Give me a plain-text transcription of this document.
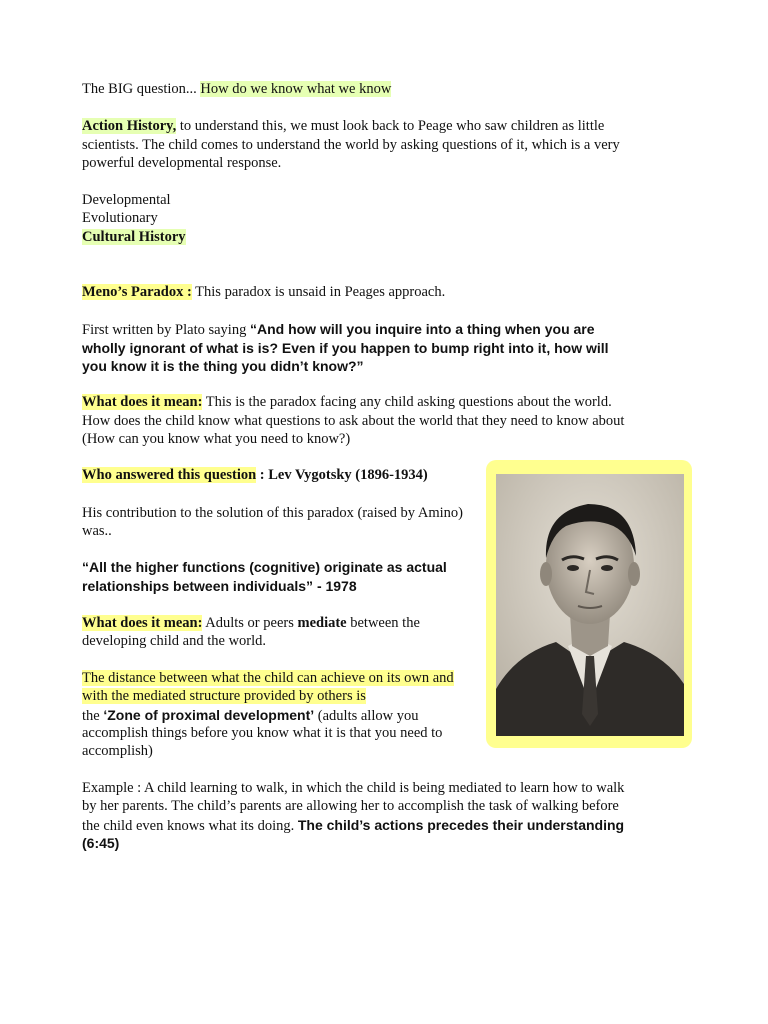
The BIG question... How do we know what we know
Action History, to understand this, we must look back to Peage who saw children as little
scientists. The child comes to understand the world by asking questions of it, which is a very
powerful developmental response.
Developmental
Evolutionary
Cultural History
Meno’s Paradox : This paradox is unsaid in Peages approach.
First written by Plato saying “And how will you inquire into a thing when you are
wholly ignorant of what is is? Even if you happen to bump right into it, how will
you know it is the thing you didn’t know?”
What does it mean: This is the paradox facing any child asking questions about the world.
How does the child know what questions to ask about the world that they need to know about
(How can you know what you need to know?)
Who answered this question : Lev Vygotsky (1896-1934)
His contribution to the solution of this paradox (raised by Amino)
was..
“All the higher functions (cognitive) originate as actual
relationships between individuals” - 1978
What does it mean: Adults or peers mediate between the
developing child and the world.
The distance between what the child can achieve on its own and
with the mediated structure provided by others is
the ‘Zone of proximal development’ (adults allow you
accomplish things before you know what it is that you need to
accomplish)
Example : A child learning to walk, in which the child is being mediated to learn how to walk
by her parents. The child’s parents are allowing her to accomplish the task of walking before
the child even knows what its doing. The child’s actions precedes their understanding
(6:45)
